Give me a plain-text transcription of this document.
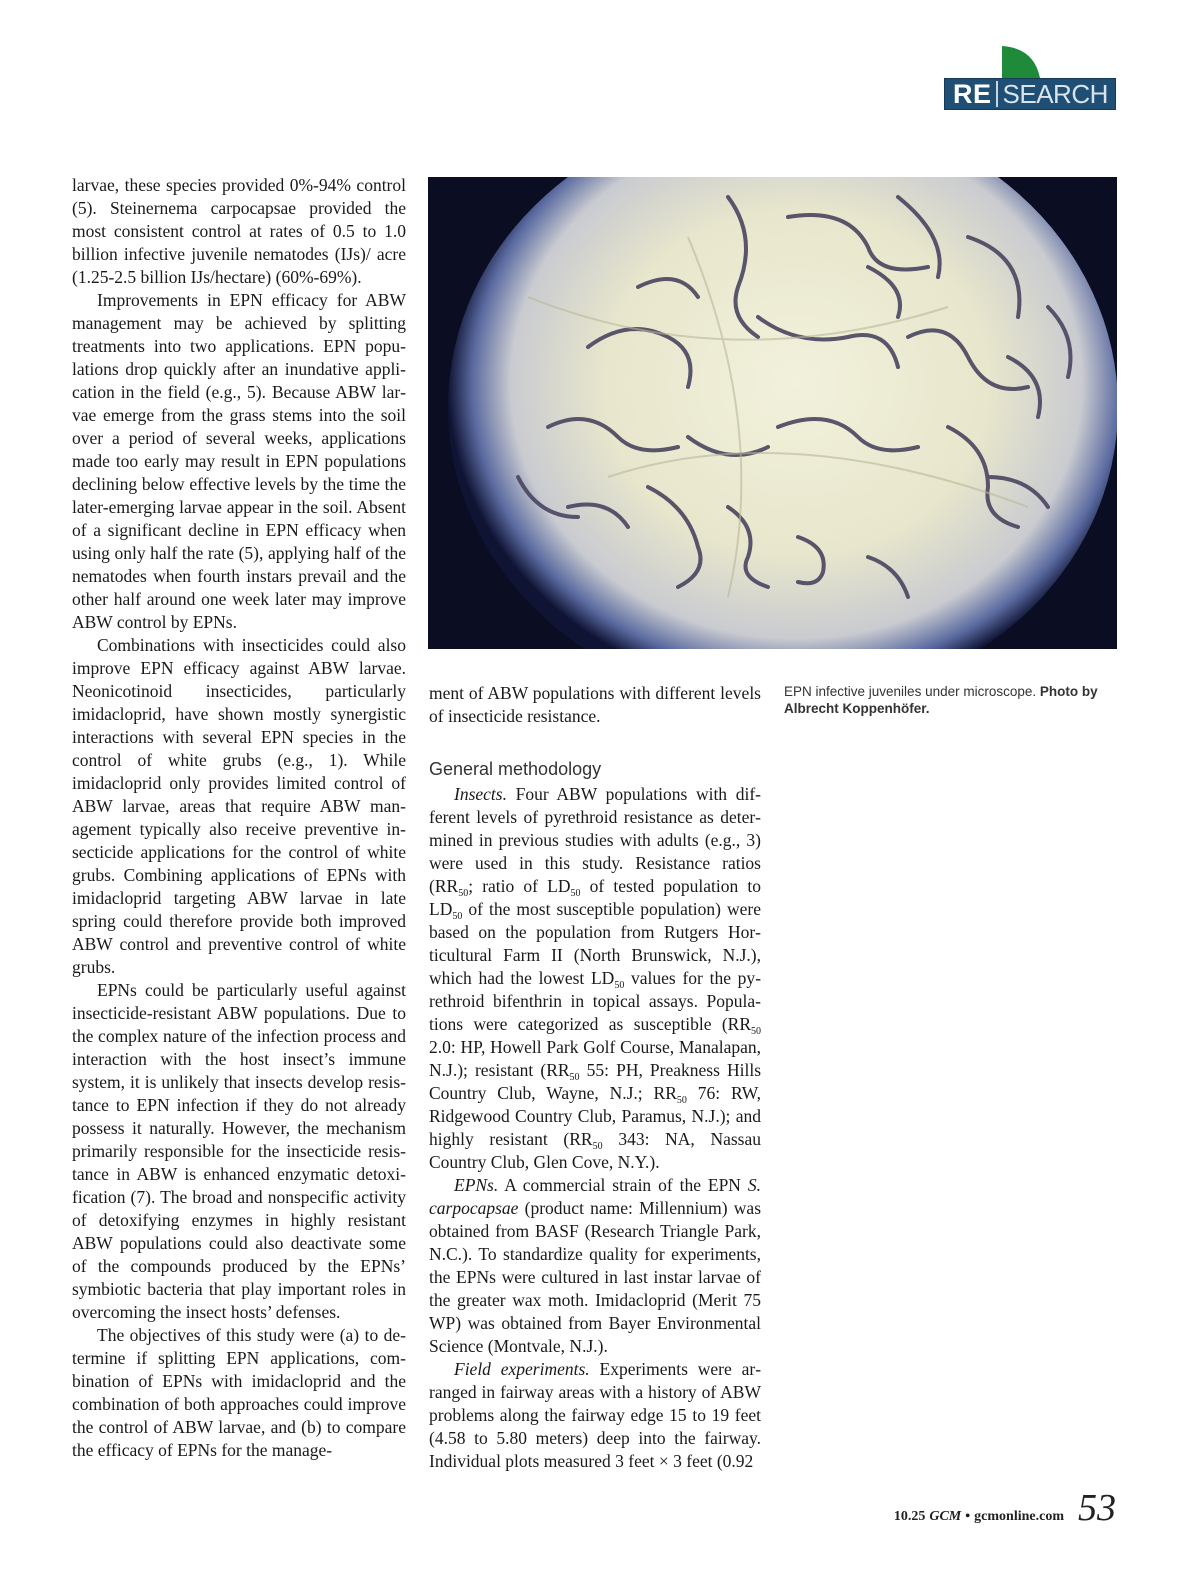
RE SEARCH

larvae, these species provided 0%-94% control (5). Steinernema carpocapsae provided the most consistent control at rates of 0.5 to 1.0 billion infective juvenile nematodes (IJs)/ acre (1.25-2.5 billion IJs/hectare) (60%-69%).

Improvements in EPN efficacy for ABW management may be achieved by splitting treatments into two applications. EPN populations drop quickly after an inundative application in the field (e.g., 5). Because ABW larvae emerge from the grass stems into the soil over a period of several weeks, applications made too early may result in EPN populations declining below effective levels by the time the later-emerging larvae appear in the soil. Absent of a significant decline in EPN efficacy when using only half the rate (5), applying half of the nematodes when fourth instars prevail and the other half around one week later may improve ABW control by EPNs.

Combinations with insecticides could also improve EPN efficacy against ABW larvae. Neonicotinoid insecticides, particularly imidacloprid, have shown mostly synergistic interactions with several EPN species in the control of white grubs (e.g., 1). While imidacloprid only provides limited control of ABW larvae, areas that require ABW management typically also receive preventive insecticide applications for the control of white grubs. Combining applications of EPNs with imidacloprid targeting ABW larvae in late spring could therefore provide both improved ABW control and preventive control of white grubs.

EPNs could be particularly useful against insecticide-resistant ABW populations. Due to the complex nature of the infection process and interaction with the host insect’s immune system, it is unlikely that insects develop resistance to EPN infection if they do not already possess it naturally. However, the mechanism primarily responsible for the insecticide resistance in ABW is enhanced enzymatic detoxification (7). The broad and nonspecific activity of detoxifying enzymes in highly resistant ABW populations could also deactivate some of the compounds produced by the EPNs’ symbiotic bacteria that play important roles in overcoming the insect hosts’ defenses.

The objectives of this study were (a) to determine if splitting EPN applications, combination of EPNs with imidacloprid and the combination of both approaches could improve the control of ABW larvae, and (b) to compare the efficacy of EPNs for the manage-

EPN infective juveniles under microscope. Photo by Albrecht Koppenhöfer.

ment of ABW populations with different levels of insecticide resistance.

General methodology

Insects. Four ABW populations with different levels of pyrethroid resistance as determined in previous studies with adults (e.g., 3) were used in this study. Resistance ratios ($RR_{50}$; ratio of $LD_{50}$ of tested population to $LD_{50}$ of the most susceptible population) were based on the population from Rutgers Horticultural Farm II (North Brunswick, N.J.), which had the lowest $LD_{50}$ values for the pyrethroid bifenthrin in topical assays. Populations were categorized as susceptible ($RR_{50}$ 2.0: HP, Howell Park Golf Course, Manalapan, N.J.); resistant ($RR_{50}$ 55: PH, Preakness Hills Country Club, Wayne, N.J.; $RR_{50}$ 76: RW, Ridgewood Country Club, Paramus, N.J.); and highly resistant ($RR_{50}$ 343: NA, Nassau Country Club, Glen Cove, N.Y.).

EPNs. A commercial strain of the EPN S. carpocapsae (product name: Millennium) was obtained from BASF (Research Triangle Park, N.C.). To standardize quality for experiments, the EPNs were cultured in last instar larvae of the greater wax moth. Imidacloprid (Merit 75 WP) was obtained from Bayer Environmental Science (Montvale, N.J.).

Field experiments. Experiments were arranged in fairway areas with a history of ABW problems along the fairway edge 15 to 19 feet (4.58 to 5.80 meters) deep into the fairway. Individual plots measured 3 feet × 3 feet (0.92

10.25 GCM • gcmonline.com 53
